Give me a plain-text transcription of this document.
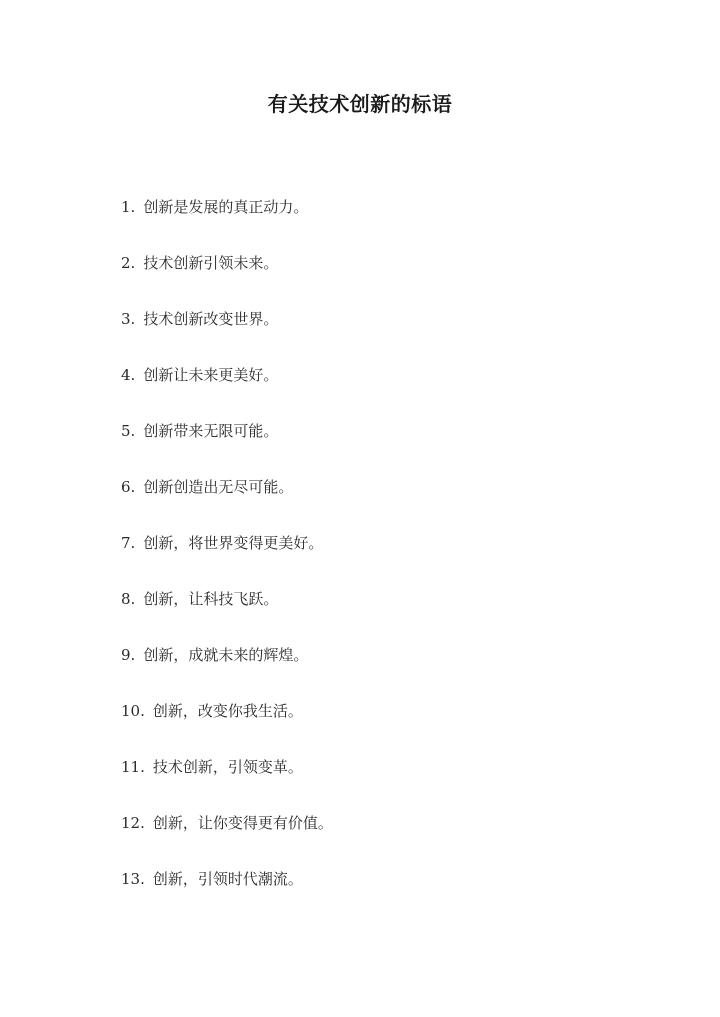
有关技术创新的标语
1. 创新是发展的真正动力。
2. 技术创新引领未来。
3. 技术创新改变世界。
4. 创新让未来更美好。
5. 创新带来无限可能。
6. 创新创造出无尽可能。
7. 创新，将世界变得更美好。
8. 创新，让科技飞跃。
9. 创新，成就未来的辉煌。
10. 创新，改变你我生活。
11. 技术创新，引领变革。
12. 创新，让你变得更有价值。
13. 创新，引领时代潮流。
